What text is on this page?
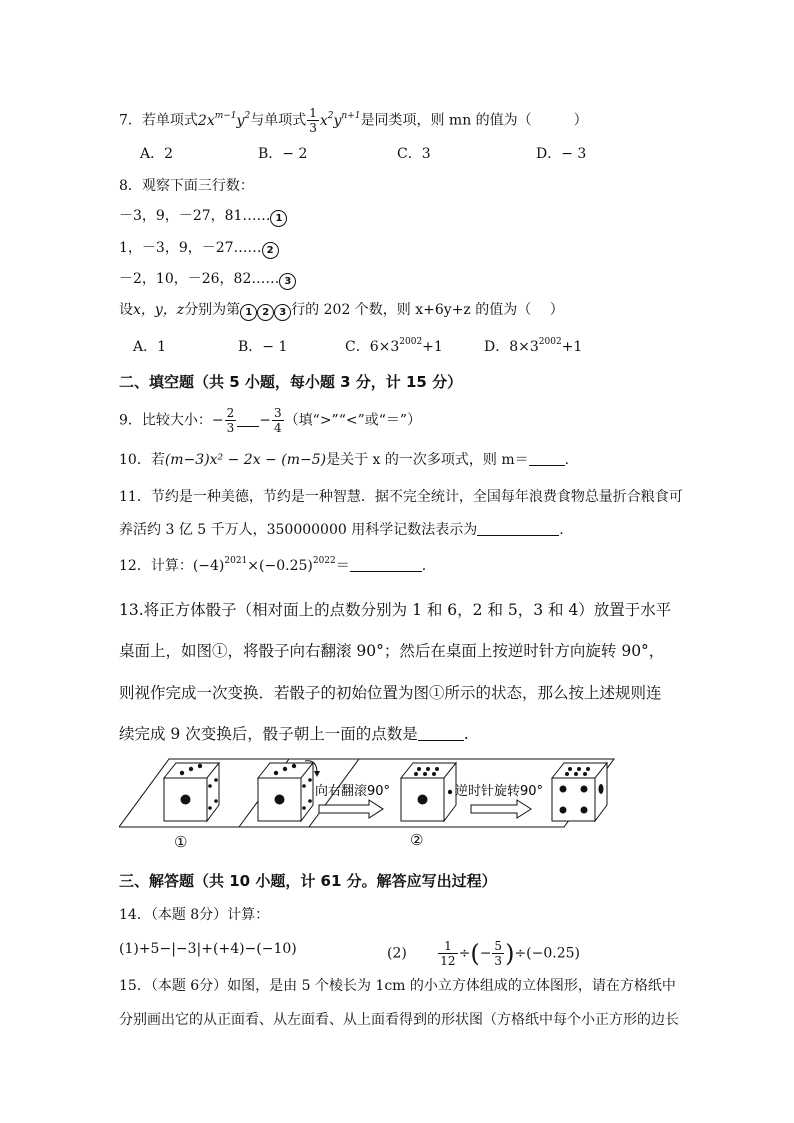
7．若单项式$2x^{m-1}y^2$与单项式 $\frac{1}{3} x^2y^{n+1}$是同类项，则 mn 的值为（　　　）
A．2	B．− 2	C．3	D．− 3
8．观察下面三行数：
－3，9，－27，81…… 1
1，－3，9，－27…… 2
－2，10，－26，82…… 3
设x，y，z分别为第 1 2 3 行的 202 个数，则 x+6y+z 的值为（　 ）
A．1	B．− 1	C．$6\times 3^{2002}+1$	D．$8\times 3^{2002}+1$
二、填空题（共 5 小题，每小题 3 分，计 15 分）
9．比较大小：− $\frac{2}{3} - \frac{3}{4}$ （填“>”“<”或“＝”）
10．若(m−3)x² − 2x − (m−5)是关于 x 的一次多项式，则 m＝	.
11．节约是一种美德，节约是一种智慧．据不完全统计，全国每年浪费食物总量折合粮食可
养活约 3 亿 5 千万人，350000000 用科学记数法表示为	.
12．计算：$(-4)^{2021}\times(-0.25)^{2022}=$	.
13.将正方体骰子（相对面上的点数分别为 1 和 6，2 和 5，3 和 4）放置于水平
桌面上，如图①，将骰子向右翻滚 90°；然后在桌面上按逆时针方向旋转 90°，
则视作完成一次变换．若骰子的初始位置为图①所示的状态，那么按上述规则连
续完成 9 次变换后，骰子朝上一面的点数是	.
向右翻滚90°	逆时针旋转90°
①	②
三、解答题（共 10 小题，计 61 分。解答应写出过程）
14．（本题 8分）计算：
(1)+5−|−3|+(+4)−(−10)	(2)	$\frac{1}{12}$ ÷(− $\frac{5}{3} )\div(-0.25)$
15．（本题 6分）如图，是由 5 个棱长为 1cm 的小立方体组成的立体图形，请在方格纸中
分别画出它的从正面看、从左面看、从上面看得到的形状图（方格纸中每个小正方形的边长
